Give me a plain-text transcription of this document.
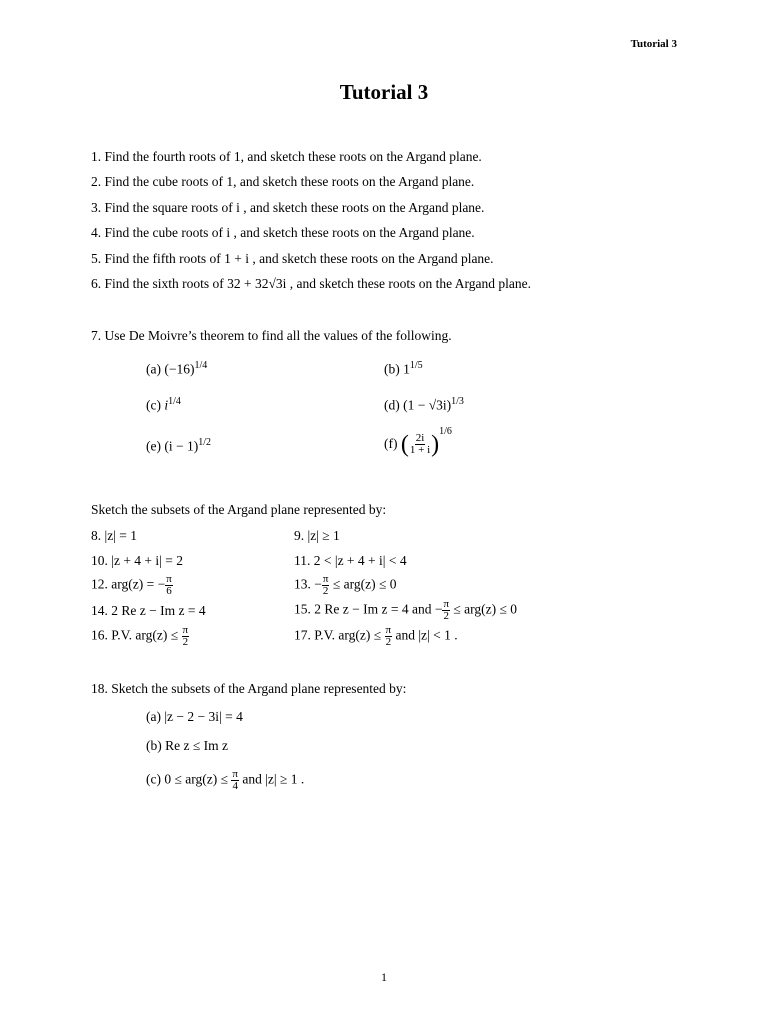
Tutorial 3
Tutorial 3
1. Find the fourth roots of 1, and sketch these roots on the Argand plane.
2. Find the cube roots of 1, and sketch these roots on the Argand plane.
3. Find the square roots of i , and sketch these roots on the Argand plane.
4. Find the cube roots of i , and sketch these roots on the Argand plane.
5. Find the fifth roots of 1 + i , and sketch these roots on the Argand plane.
6. Find the sixth roots of 32 + 32√3i , and sketch these roots on the Argand plane.
7. Use De Moivre’s theorem to find all the values of the following.
(a) $(-16)^{1/4}$	(b) $1^{1/5}$
(c) $i^{1/4}$	(d) $(1 - √3i)^{1/3}$
(e) $(i - 1)^{1/2}$	(f) ( $\frac{2i}{1 + i} )^{1/6}$
Sketch the subsets of the Argand plane represented by:
8. |z| = 1	9. |z| ≥ 1
10. |z + 4 + i| = 2	11. 2 < |z + 4 + i| < 4
12. arg(z) = − $\frac{\pi}{6}$	13. − $\frac{\pi}{2} \le arg(z) \le 0$
14. 2 Re z − Im z = 4	15. 2 Re z − Im z = 4 and − $\frac{\pi}{2} \le arg(z) \le 0$
16. P.V. $arg(z) \le \frac{\pi}{2}$	17. P.V. $arg(z) \le \frac{\pi}{2}$ and |z| < 1 .
18. Sketch the subsets of the Argand plane represented by:
(a) |z − 2 − 3i| = 4
(b) Re z ≤ Im z
(c) $0 \le arg(z) \le \frac{\pi}{4}$ and |z| ≥ 1 .
1
